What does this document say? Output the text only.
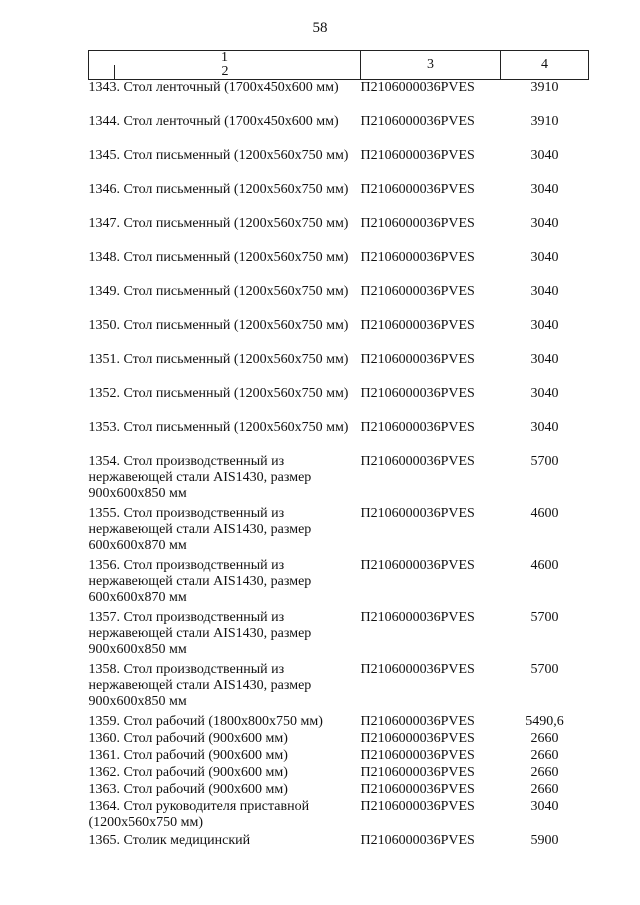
58
12	3	4
1343. Стол ленточный (1700x450x600 мм)	П2106000036PVES	3910
1344. Стол ленточный (1700x450x600 мм)	П2106000036PVES	3910
1345. Стол письменный (1200x560x750 мм)	П2106000036PVES	3040
1346. Стол письменный (1200x560x750 мм)	П2106000036PVES	3040
1347. Стол письменный (1200x560x750 мм)	П2106000036PVES	3040
1348. Стол письменный (1200x560x750 мм)	П2106000036PVES	3040
1349. Стол письменный (1200x560x750 мм)	П2106000036PVES	3040
1350. Стол письменный (1200x560x750 мм)	П2106000036PVES	3040
1351. Стол письменный (1200x560x750 мм)	П2106000036PVES	3040
1352. Стол письменный (1200x560x750 мм)	П2106000036PVES	3040
1353. Стол письменный (1200x560x750 мм)	П2106000036PVES	3040
1354. Стол производственный из нержавеющей стали AIS1430, размер 900x600x850 мм	П2106000036PVES	5700
1355. Стол производственный из нержавеющей стали AIS1430, размер 600x600x870 мм	П2106000036PVES	4600
1356. Стол производственный из нержавеющей стали AIS1430, размер 600x600x870 мм	П2106000036PVES	4600
1357. Стол производственный из нержавеющей стали AIS1430, размер 900x600x850 мм	П2106000036PVES	5700
1358. Стол производственный из нержавеющей стали AIS1430, размер 900x600x850 мм	П2106000036PVES	5700
1359. Стол рабочий (1800x800x750 мм)	П2106000036PVES	5490,6
1360. Стол рабочий (900x600 мм)	П2106000036PVES	2660
1361. Стол рабочий (900x600 мм)	П2106000036PVES	2660
1362. Стол рабочий (900x600 мм)	П2106000036PVES	2660
1363. Стол рабочий (900x600 мм)	П2106000036PVES	2660
1364. Стол руководителя приставной (1200x560x750 мм)	П2106000036PVES	3040
1365. Столик медицинский	П2106000036PVES	5900
